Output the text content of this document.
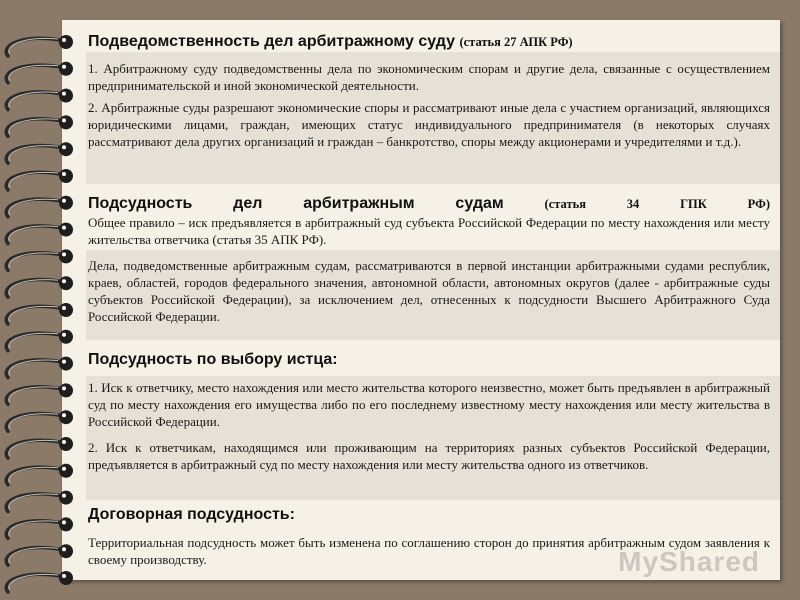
Подведомственность дел арбитражному суду (статья 27 АПК РФ)

1. Арбитражному суду подведомственны дела по экономическим спорам и другие дела, связанные с осуществлением предпринимательской и иной экономической деятельности.

2. Арбитражные суды разрешают экономические споры и рассматривают иные дела с участием организаций, являющихся юридическими лицами, граждан, имеющих статус индивидуального предпринимателя (в некоторых случаях рассматривают дела других организаций и граждан – банкротство, споры между акционерами и учредителями и т.д.).

Подсудность	дел	арбитражным	судам	(статья	34	ГПК	РФ)

Общее правило – иск предъявляется в арбитражный суд субъекта Российской Федерации по месту нахождения или месту жительства ответчика (статья 35 АПК РФ).

Дела, подведомственные арбитражным судам, рассматриваются в первой инстанции арбитражными судами республик, краев, областей, городов федерального значения, автономной области, автономных округов (далее - арбитражные суды субъектов Российской Федерации), за исключением дел, отнесенных к подсудности Высшего Арбитражного Суда Российской Федерации.

Подсудность по выбору истца:

1. Иск к ответчику, место нахождения или место жительства которого неизвестно, может быть предъявлен в арбитражный суд по месту нахождения его имущества либо по его последнему известному месту нахождения или месту жительства в Российской Федерации.

2. Иск к ответчикам, находящимся или проживающим на территориях разных субъектов Российской Федерации, предъявляется в арбитражный суд по месту нахождения или месту жительства одного из ответчиков.

Договорная подсудность:

Территориальная подсудность может быть изменена по соглашению сторон до принятия арбитражным судом заявления к своему производству.	MyShared
